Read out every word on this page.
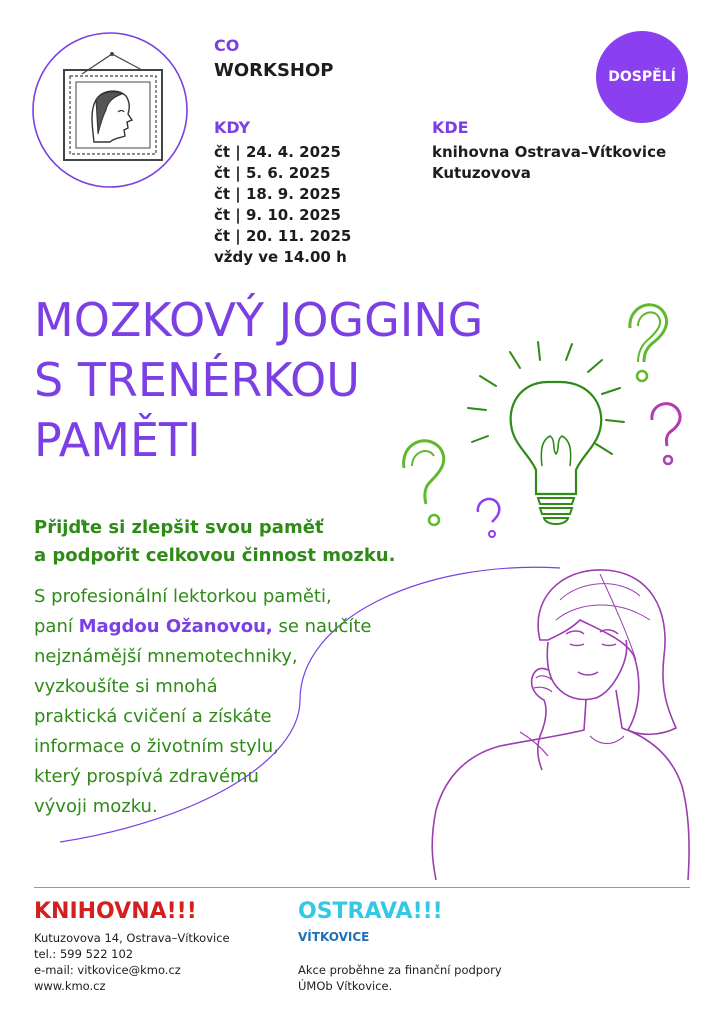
CO
WORKSHOP
KDY
čt | 24. 4. 2025
čt | 5. 6. 2025
čt | 18. 9. 2025
čt | 9. 10. 2025
čt | 20. 11. 2025
vždy ve 14.00 h
KDE
knihovna Ostrava–Vítkovice
Kutuzovova
DOSPĚLÍ
MOZKOVÝ JOGGING
S TRENÉRKOU
PAMĚTI
Přijďte si zlepšit svou paměť
a podpořit celkovou činnost mozku.
S profesionální lektorkou paměti,
paní Magdou Ožanovou, se naučíte
nejznámější mnemotechniky,
vyzkoušíte si mnohá
praktická cvičení a získáte
informace o životním stylu,
který prospívá zdravému
vývoji mozku.
KNIHOVNA!!!
Kutuzovova 14, Ostrava–Vítkovice
tel.: 599 522 102
e-mail: vitkovice@kmo.cz
www.kmo.cz
OSTRAVA!!!
VÍTKOVICE
Akce proběhne za finanční podpory
ÚMOb Vítkovice.
